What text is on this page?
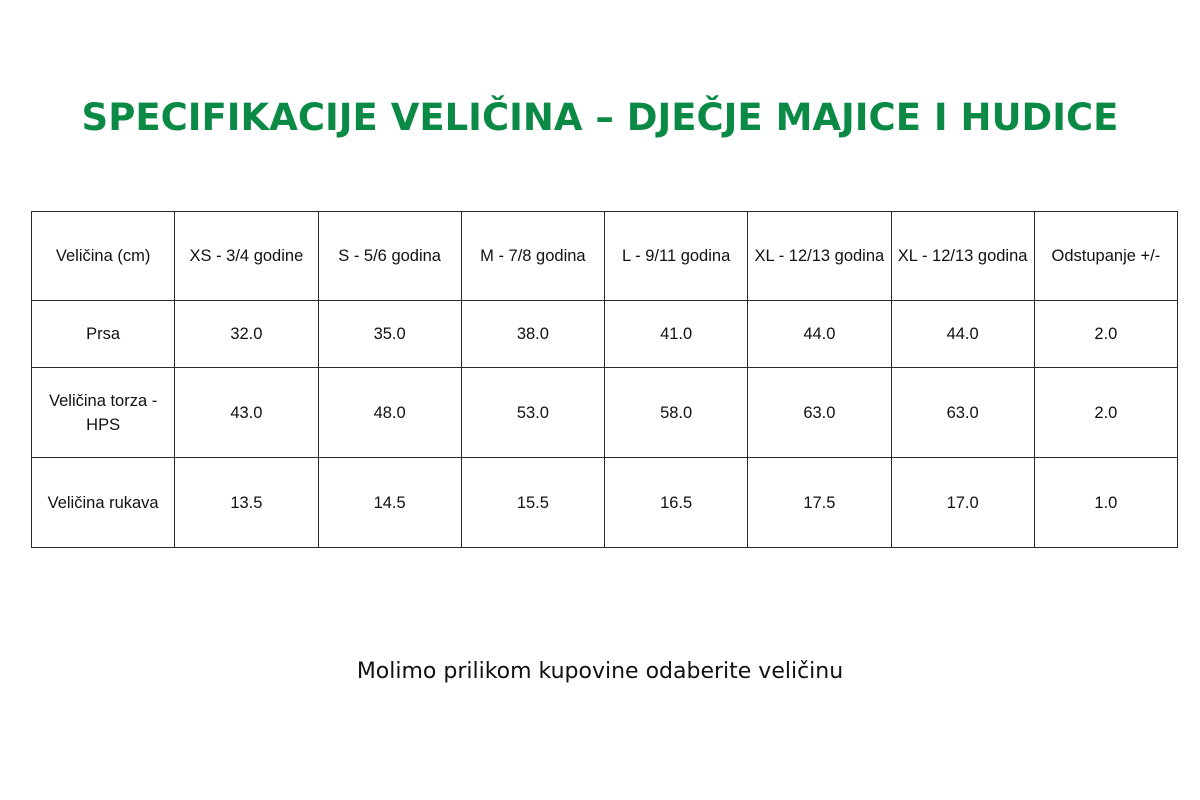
SPECIFIKACIJE VELIČINA – DJEČJE MAJICE I HUDICE
Veličina (cm)	XS - 3/4 godine	S - 5/6 godina	M - 7/8 godina	L - 9/11 godina	XL - 12/13 godina	XL - 12/13 godina	Odstupanje +/-
Prsa	32.0	35.0	38.0	41.0	44.0	44.0	2.0
Veličina torza - HPS	43.0	48.0	53.0	58.0	63.0	63.0	2.0
Veličina rukava	13.5	14.5	15.5	16.5	17.5	17.0	1.0

Molimo prilikom kupovine odaberite veličinu
